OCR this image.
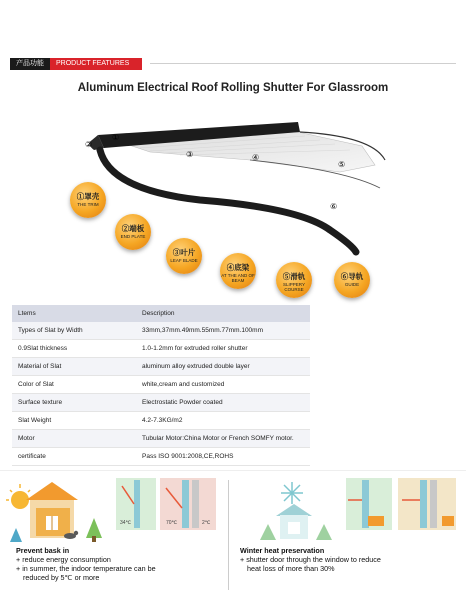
产品功能	PRODUCT FEATURES
Aluminum Electrical Roof Rolling Shutter For Glassroom
①
②
③	④
⑤
⑥
①罩壳
THE TRIM
②端板
END PLATE
③叶片
LEAF BLADE
④底梁
AT THE AND OF BEAM	⑤滑轨
SLIPPERY COURSE
⑥导轨
GUIDE
Ltems	Description
Types of Slat by Width	33mm,37mm.49mm.55mm.77mm.100mm
0.9Slat thickness	1.0-1.2mm for extruded roller shutter
Material of Slat	aluminum alloy extruded double layer
Color of Slat	white,cream and customized
Surface texture	Electrostatic Powder coated
Slat Weight	4.2-7.3KG/m2
Motor	Tubular Motor:China Motor or French SOMFY motor.
certificate	Pass ISO 9001:2008,CE,ROHS
34℃	70℃	2℃
Prevent bask in
+ reduce energy consumption
+ in summer, the indoor temperature can be
reduced by 5℃ or more
Winter heat preservation
+ shutter door through the window to reduce
heat loss of more than 30%
